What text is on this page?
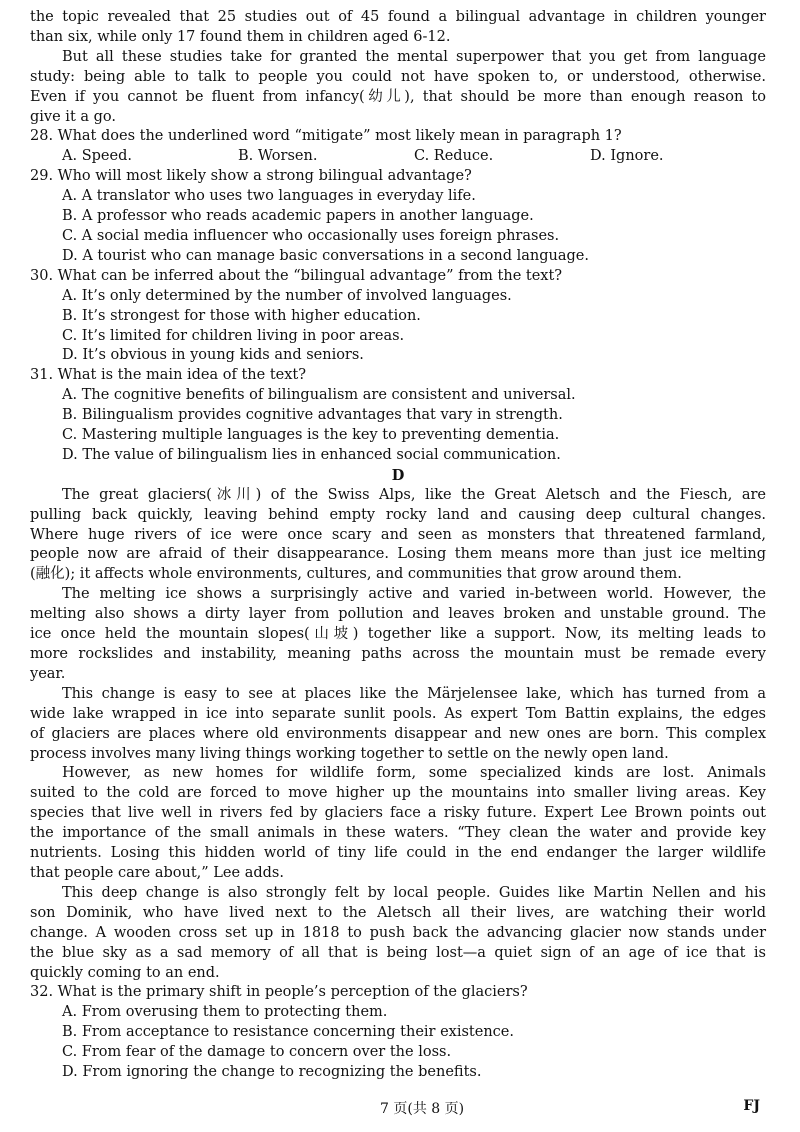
the topic revealed that 25 studies out of 45 found a bilingual advantage in children younger
than six, while only 17 found them in children aged 6-12.
But all these studies take for granted the mental superpower that you get from language
study: being able to talk to people you could not have spoken to, or understood, otherwise.
Even if you cannot be fluent from infancy(幼儿), that should be more than enough reason to
give it a go.
28. What does the underlined word “mitigate” most likely mean in paragraph 1?
A. Speed.	B. Worsen.	C. Reduce.	D. Ignore.
29. Who will most likely show a strong bilingual advantage?
A. A translator who uses two languages in everyday life.
B. A professor who reads academic papers in another language.
C. A social media influencer who occasionally uses foreign phrases.
D. A tourist who can manage basic conversations in a second language.
30. What can be inferred about the “bilingual advantage” from the text?
A. It’s only determined by the number of involved languages.
B. It’s strongest for those with higher education.
C. It’s limited for children living in poor areas.
D. It’s obvious in young kids and seniors.
31. What is the main idea of the text?
A. The cognitive benefits of bilingualism are consistent and universal.
B. Bilingualism provides cognitive advantages that vary in strength.
C. Mastering multiple languages is the key to preventing dementia.
D. The value of bilingualism lies in enhanced social communication.
D
The great glaciers(冰川) of the Swiss Alps, like the Great Aletsch and the Fiesch, are
pulling back quickly, leaving behind empty rocky land and causing deep cultural changes.
Where huge rivers of ice were once scary and seen as monsters that threatened farmland,
people now are afraid of their disappearance. Losing them means more than just ice melting
(融化); it affects whole environments, cultures, and communities that grow around them.
The melting ice shows a surprisingly active and varied in-between world. However, the
melting also shows a dirty layer from pollution and leaves broken and unstable ground. The
ice once held the mountain slopes(山坡) together like a support. Now, its melting leads to
more rockslides and instability, meaning paths across the mountain must be remade every
year.
This change is easy to see at places like the Märjelensee lake, which has turned from a
wide lake wrapped in ice into separate sunlit pools. As expert Tom Battin explains, the edges
of glaciers are places where old environments disappear and new ones are born. This complex
process involves many living things working together to settle on the newly open land.
However, as new homes for wildlife form, some specialized kinds are lost. Animals
suited to the cold are forced to move higher up the mountains into smaller living areas. Key
species that live well in rivers fed by glaciers face a risky future. Expert Lee Brown points out
the importance of the small animals in these waters. “They clean the water and provide key
nutrients. Losing this hidden world of tiny life could in the end endanger the larger wildlife
that people care about,” Lee adds.
This deep change is also strongly felt by local people. Guides like Martin Nellen and his
son Dominik, who have lived next to the Aletsch all their lives, are watching their world
change. A wooden cross set up in 1818 to push back the advancing glacier now stands under
the blue sky as a sad memory of all that is being lost—a quiet sign of an age of ice that is
quickly coming to an end.
32. What is the primary shift in people’s perception of the glaciers?
A. From overusing them to protecting them.
B. From acceptance to resistance concerning their existence.
C. From fear of the damage to concern over the loss.
D. From ignoring the change to recognizing the benefits.
7 页(共 8 页)	FJ
